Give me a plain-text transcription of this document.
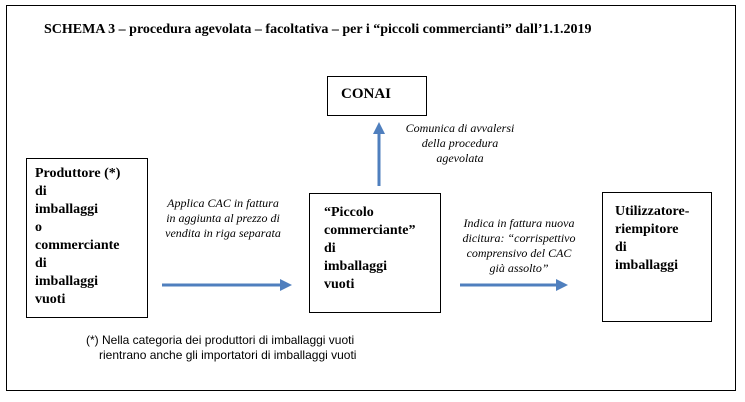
SCHEMA 3 – procedura agevolata – facoltativa – per i “piccoli commercianti” dall’1.1.2019
Produttore (*)
di
imballaggi
o
commerciante
di
imballaggi
vuoti
CONAI
“Piccolo
commerciante”
di
imballaggi
vuoti
Utilizzatore-
riempitore
di
imballaggi
Applica CAC in fattura
in aggiunta al prezzo di
vendita in riga separata
Comunica di avvalersi
della procedura
agevolata
Indica in fattura nuova
dicitura: “corrispettivo
comprensivo del CAC
già assolto”
(*) Nella categoria dei produttori di imballaggi vuoti
rientrano anche gli importatori di imballaggi vuoti
